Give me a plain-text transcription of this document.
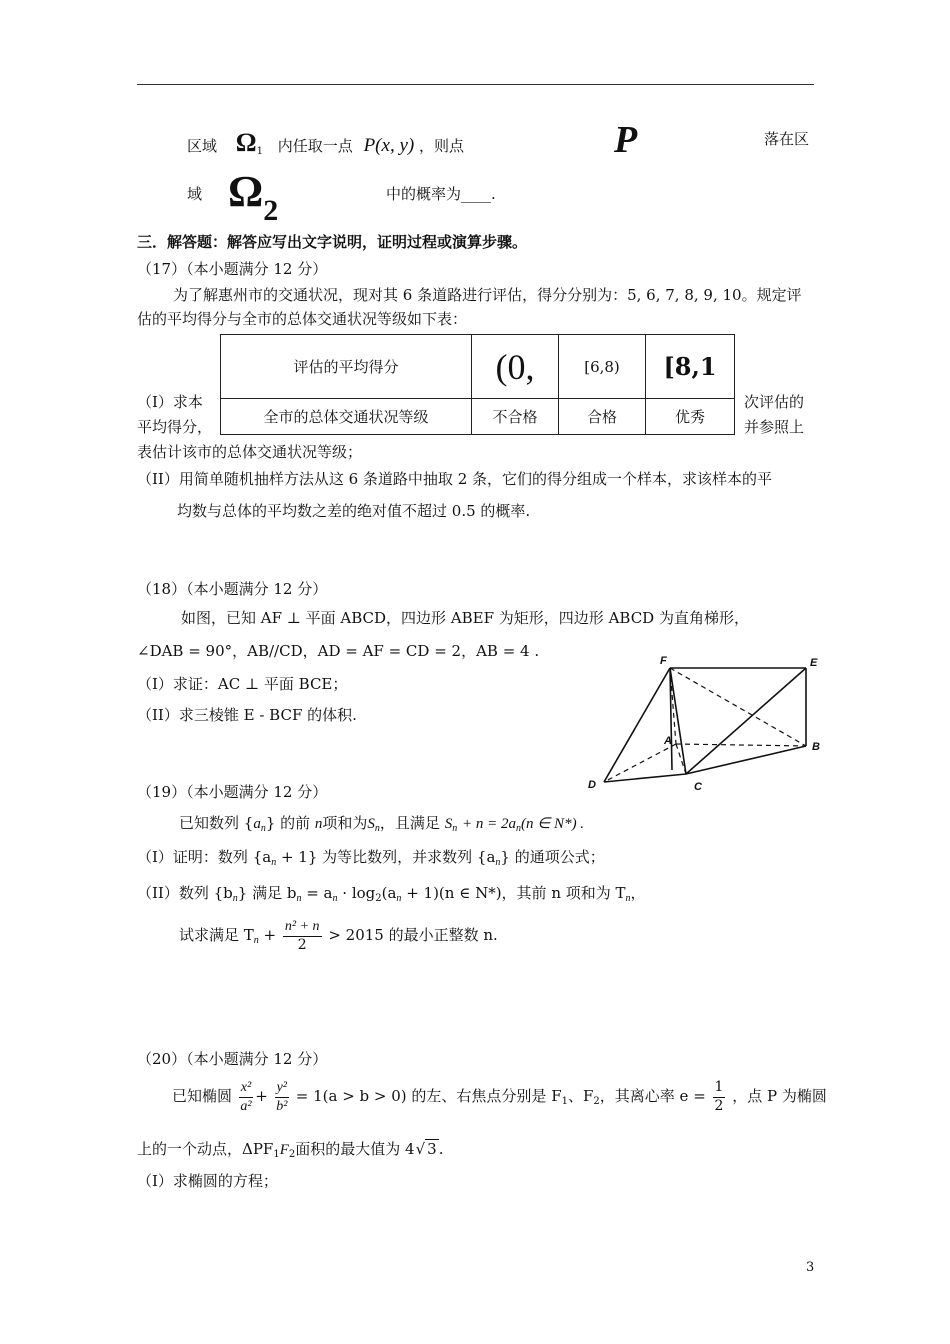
区域 $\Omega_1$ 内任取一点 P(x, y) ，则点	P	落在区
域 $\Omega_2$	中的概率为____.
三．解答题：解答应写出文字说明，证明过程或演算步骤。
（17）（本小题满分 12 分）
为了解惠州市的交通状况，现对其 6 条道路进行评估，得分分别为：5, 6, 7, 8, 9, 10。规定评
估的平均得分与全市的总体交通状况等级如下表：
评估的平均得分	(0,	[6,8)	[8,1
全市的总体交通状况等级	不合格	合格	优秀
（I）求本
平均得分，
次评估的
并参照上
表估计该市的总体交通状况等级；
（II）用简单随机抽样方法从这 6 条道路中抽取 2 条，它们的得分组成一个样本，求该样本的平
均数与总体的平均数之差的绝对值不超过 0.5 的概率.
（18）（本小题满分 12 分）
如图，已知 AF ⊥ 平面 ABCD，四边形 ABEF 为矩形，四边形 ABCD 为直角梯形，
∠DAB = 90°，AB//CD，AD = AF = CD = 2，AB = 4 .
（I）求证：AC ⊥ 平面 BCE；
（II）求三棱锥 E - BCF 的体积.
F	E
A	B
D	C
（19）（本小题满分 12 分）
已知数列 $\{a_n\}$ 的前 n项和为$S_n$，且满足 $S_n + n = 2a_n(n$ ∈ N*) .
（I）证明：数列 $\{a_n + 1\}$ 为等比数列，并求数列 $\{a_n\}$ 的通项公式；
（II）数列 $\{b_n\}$ 满足 $b_n = a_n \cdot \log_2(a_n + 1)(n$ ∈ N*)，其前 n 项和为 $T_n$，
试求满足 $T_n + \frac{\text{n² + n}}{2} > 2015$ 的最小正整数 n.
（20）（本小题满分 12 分）
已知椭圆 $\frac{\text{x²}}{\text{a²}} + \frac{\text{y²}}{\text{b²}} = 1(a > b > 0)$ 的左、右焦点分别是 $F_1$、$F_2$，其离心率 $e = \frac{1}{2}$ ，点 P 为椭圆
上的一个动点，$\Delta PF_1F_2$面积的最大值为 4√ 3 .
（I）求椭圆的方程；
3
